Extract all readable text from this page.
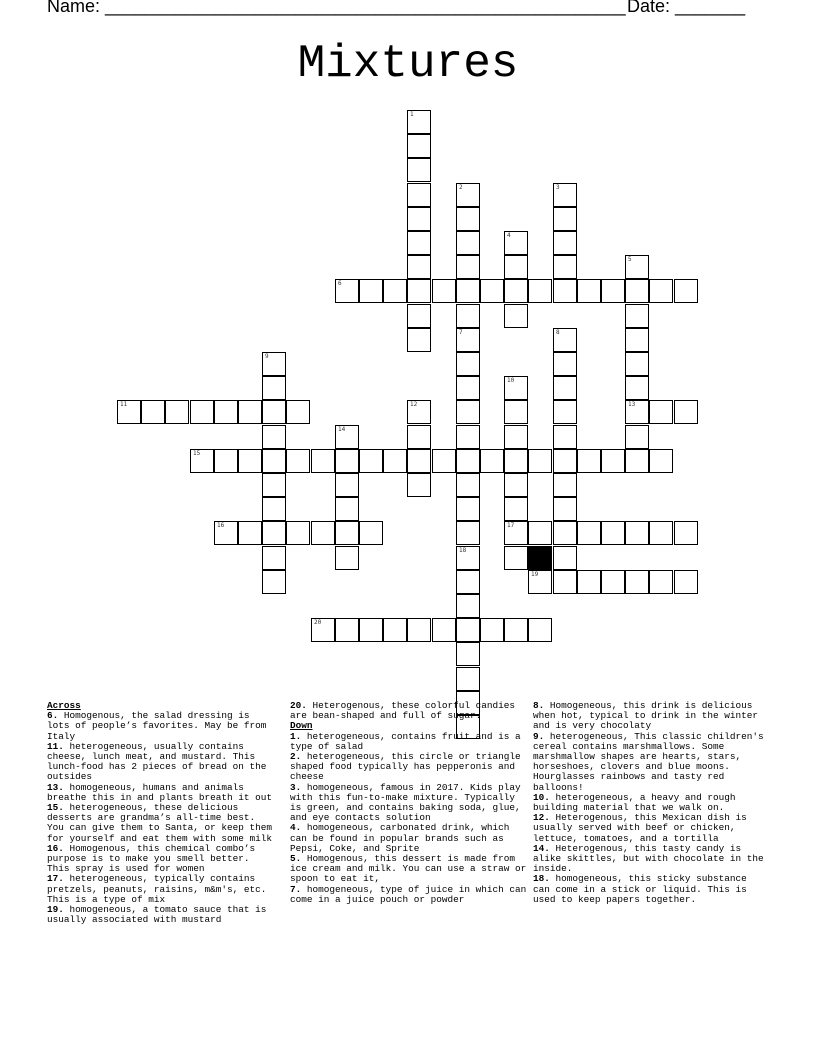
Name: ____________________________________________________ Date: _______
Mixtures
1
2
7
3
4
5
13
18
8
9
10
17
12
14
6
11
15
16
19
20
Across
6. Homogenous, the salad dressing is lots of people’s favorites. May be from Italy
11. heterogeneous, usually contains cheese, lunch meat, and mustard. This lunch-food has 2 pieces of bread on the outsides
13. homogeneous, humans and animals breathe this in and plants breath it out
15. heterogeneous, these delicious desserts are grandma’s all-time best. You can give them to Santa, or keep them for yourself and eat them with some milk
16. Homogenous, this chemical combo’s purpose is to make you smell better. This spray is used for women
17. heterogeneous, typically contains pretzels, peanuts, raisins, m&m's, etc. This is a type of mix
19. homogeneous, a tomato sauce that is usually associated with mustard
20. Heterogenous, these colorful candies are bean-shaped and full of sugar.
Down
1. heterogeneous, contains fruit and is a type of salad
2. heterogeneous, this circle or triangle shaped food typically has pepperonis and cheese
3. homogeneous, famous in 2017. Kids play with this fun-to-make mixture. Typically is green, and contains baking soda, glue, and eye contacts solution
4. homogeneous, carbonated drink, which can be found in popular brands such as Pepsi, Coke, and Sprite
5. Homogenous, this dessert is made from ice cream and milk. You can use a straw or spoon to eat it,
7. homogeneous, type of juice in which can come in a juice pouch or powder
8. Homogeneous, this drink is delicious when hot, typical to drink in the winter and is very chocolaty
9. heterogeneous, This classic children's cereal contains marshmallows. Some marshmallow shapes are hearts, stars, horseshoes, clovers and blue moons. Hourglasses rainbows and tasty red balloons!
10. heterogeneous, a heavy and rough building material that we walk on.
12. Heterogenous, this Mexican dish is usually served with beef or chicken, lettuce, tomatoes, and a tortilla
14. Heterogenous, this tasty candy is alike skittles, but with chocolate in the inside.
18. homogeneous, this sticky substance can come in a stick or liquid. This is used to keep papers together.
